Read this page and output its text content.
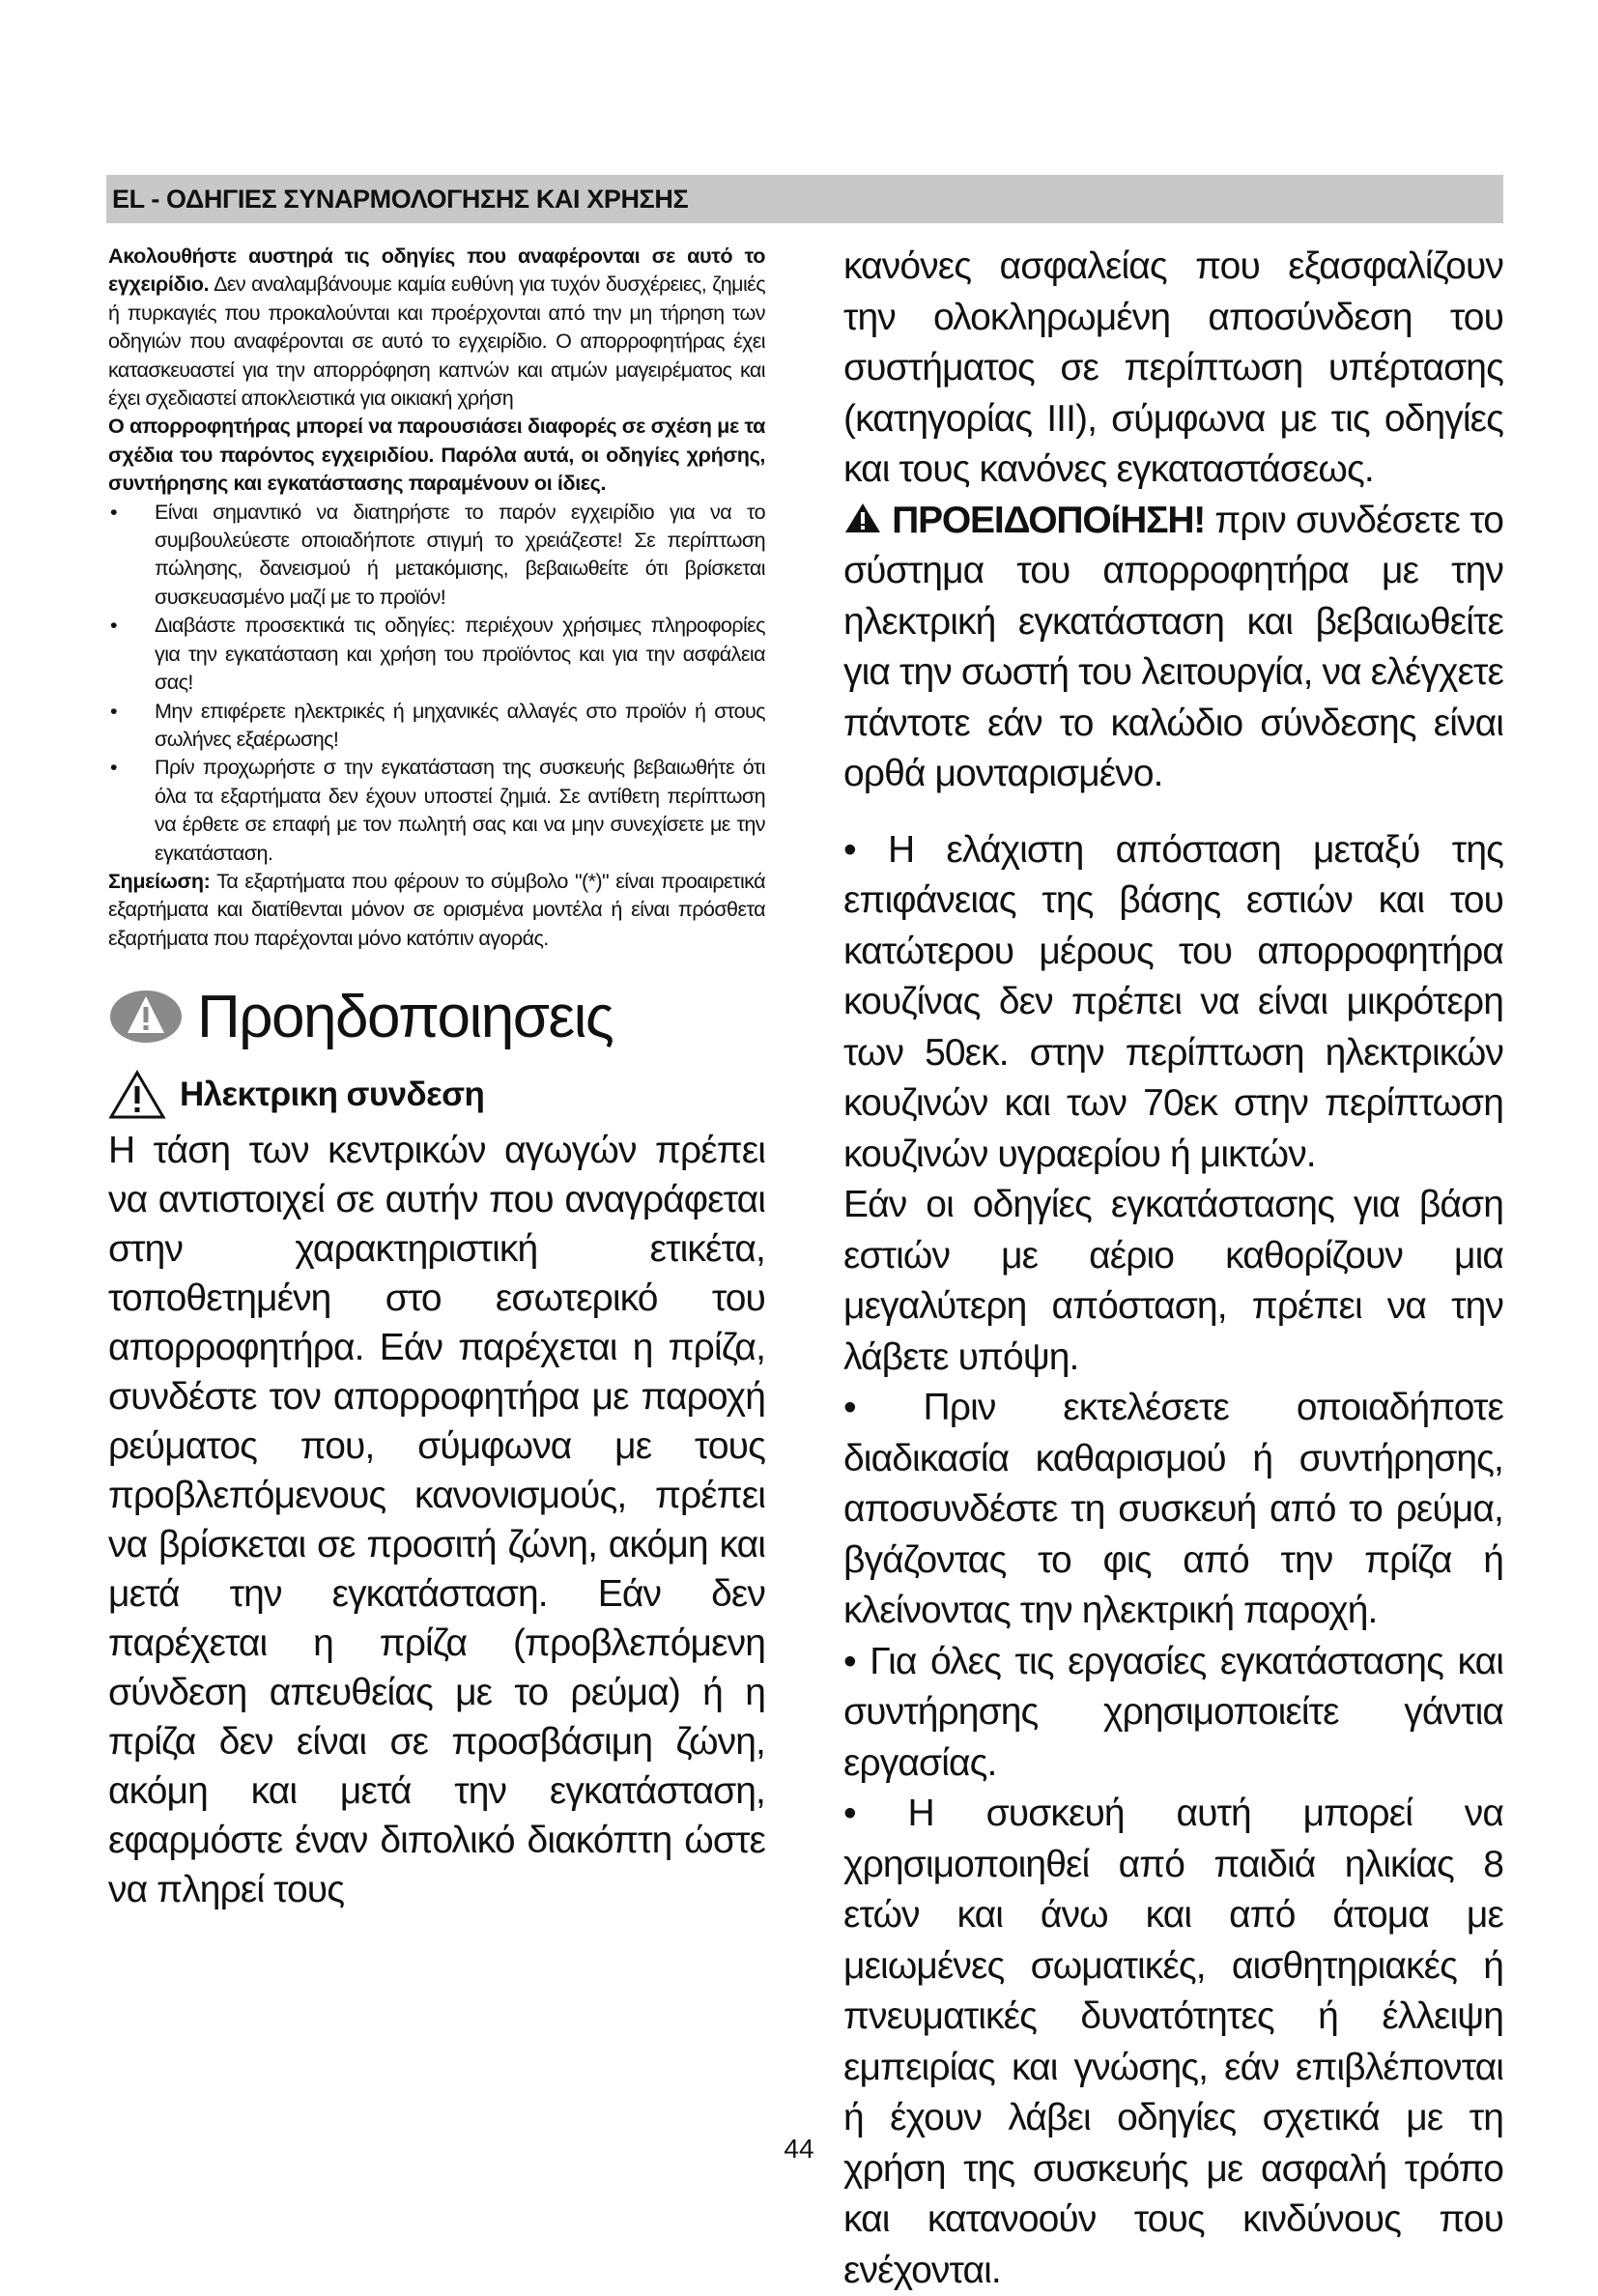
EL - ΟΔΗΓΙΕΣ ΣΥΝΑΡΜΟΛΟΓΗΣΗΣ ΚΑΙ ΧΡΗΣΗΣ

Ακολουθήστε αυστηρά τις οδηγίες που αναφέρονται σε αυτό το εγχειρίδιο. Δεν αναλαμβάνουμε καμία ευθύνη για τυχόν δυσχέρειες, ζημιές ή πυρκαγιές που προκαλούνται και προέρχονται από την μη τήρηση των οδηγιών που αναφέρονται σε αυτό το εγχειρίδιο. Ο απορροφητήρας έχει κατασκευαστεί για την απορρόφηση καπνών και ατμών μαγειρέματος και έχει σχεδιαστεί αποκλειστικά για οικιακή χρήση

Ο απορροφητήρας μπορεί να παρουσιάσει διαφορές σε σχέση με τα σχέδια του παρόντος εγχειριδίου. Παρόλα αυτά, οι οδηγίες χρήσης, συντήρησης και εγκατάστασης παραμένουν οι ίδιες.

• Είναι σημαντικό να διατηρήστε το παρόν εγχειρίδιο για να το συμβουλεύεστε οποιαδήποτε στιγμή το χρειάζεστε! Σε περίπτωση πώλησης, δανεισμού ή μετακόμισης, βεβαιωθείτε ότι βρίσκεται συσκευασμένο μαζί με το προϊόν!
• Διαβάστε προσεκτικά τις οδηγίες: περιέχουν χρήσιμες πληροφορίες για την εγκατάσταση και χρήση του προϊόντος και για την ασφάλεια σας!
• Μην επιφέρετε ηλεκτρικές ή μηχανικές αλλαγές στο προϊόν ή στους σωλήνες εξαέρωσης!
• Πρίν προχωρήστε σ την εγκατάσταση της συσκευής βεβαιωθήτε ότι όλα τα εξαρτήματα δεν έχουν υποστεί ζημιά. Σε αντίθετη περίπτωση να έρθετε σε επαφή με τον πωλητή σας και να μην συνεχίσετε με την εγκατάσταση.

Σημείωση: Τα εξαρτήματα που φέρουν το σύμβολο "(*)" είναι προαιρετικά εξαρτήματα και διατίθενται μόνον σε ορισμένα μοντέλα ή είναι πρόσθετα εξαρτήματα που παρέχονται μόνο κατόπιν αγοράς.

Προηδοποιησεις
Ηλεκτρικη συνδεση

Η τάση των κεντρικών αγωγών πρέπει να αντιστοιχεί σε αυτήν που αναγράφεται στην χαρακτηριστική ετικέτα, τοποθετημένη στο εσωτερικό του απορροφητήρα. Εάν παρέχεται η πρίζα, συνδέστε τον απορροφητήρα με παροχή ρεύματος που, σύμφωνα με τους προβλεπόμενους κανονισμούς, πρέπει να βρίσκεται σε προσιτή ζώνη, ακόμη και μετά την εγκατάσταση. Εάν δεν παρέχεται η πρίζα (προβλεπόμενη σύνδεση απευθείας με το ρεύμα) ή η πρίζα δεν είναι σε προσβάσιμη ζώνη, ακόμη και μετά την εγκατάσταση, εφαρμόστε έναν διπολικό διακόπτη ώστε να πληρεί τους

κανόνες ασφαλείας που εξασφαλίζουν την ολοκληρωμένη αποσύνδεση του συστήματος σε περίπτωση υπέρτασης (κατηγορίας III), σύμφωνα με τις οδηγίες και τους κανόνες εγκαταστάσεως.

ΠΡΟΕΙΔΟΠΟίΗΣΗ! πριν συνδέσετε το σύστημα του απορροφητήρα με την ηλεκτρική εγκατάσταση και βεβαιωθείτε για την σωστή του λειτουργία, να ελέγχετε πάντοτε εάν το καλώδιο σύνδεσης είναι ορθά μονταρισμένο.

• Η ελάχιστη απόσταση μεταξύ της επιφάνειας της βάσης εστιών και του κατώτερου μέρους του απορροφητήρα κουζίνας δεν πρέπει να είναι μικρότερη των 50εκ. στην περίπτωση ηλεκτρικών κουζινών και των 70εκ στην περίπτωση κουζινών υγραερίου ή μικτών.

Εάν οι οδηγίες εγκατάστασης για βάση εστιών με αέριο καθορίζουν μια μεγαλύτερη απόσταση, πρέπει να την λάβετε υπόψη.

• Πριν εκτελέσετε οποιαδήποτε διαδικασία καθαρισμού ή συντήρησης, αποσυνδέστε τη συσκευή από το ρεύμα, βγάζοντας το φις από την πρίζα ή κλείνοντας την ηλεκτρική παροχή.

• Για όλες τις εργασίες εγκατάστασης και συντήρησης χρησιμοποιείτε γάντια εργασίας.

• Η συσκευή αυτή μπορεί να χρησιμοποιηθεί από παιδιά ηλικίας 8 ετών και άνω και από άτομα με μειωμένες σωματικές, αισθητηριακές ή πνευματικές δυνατότητες ή έλλειψη εμπειρίας και γνώσης, εάν επιβλέπονται ή έχουν λάβει οδηγίες σχετικά με τη χρήση της συσκευής με ασφαλή τρόπο και κατανοούν τους κινδύνους που ενέχονται.

44
